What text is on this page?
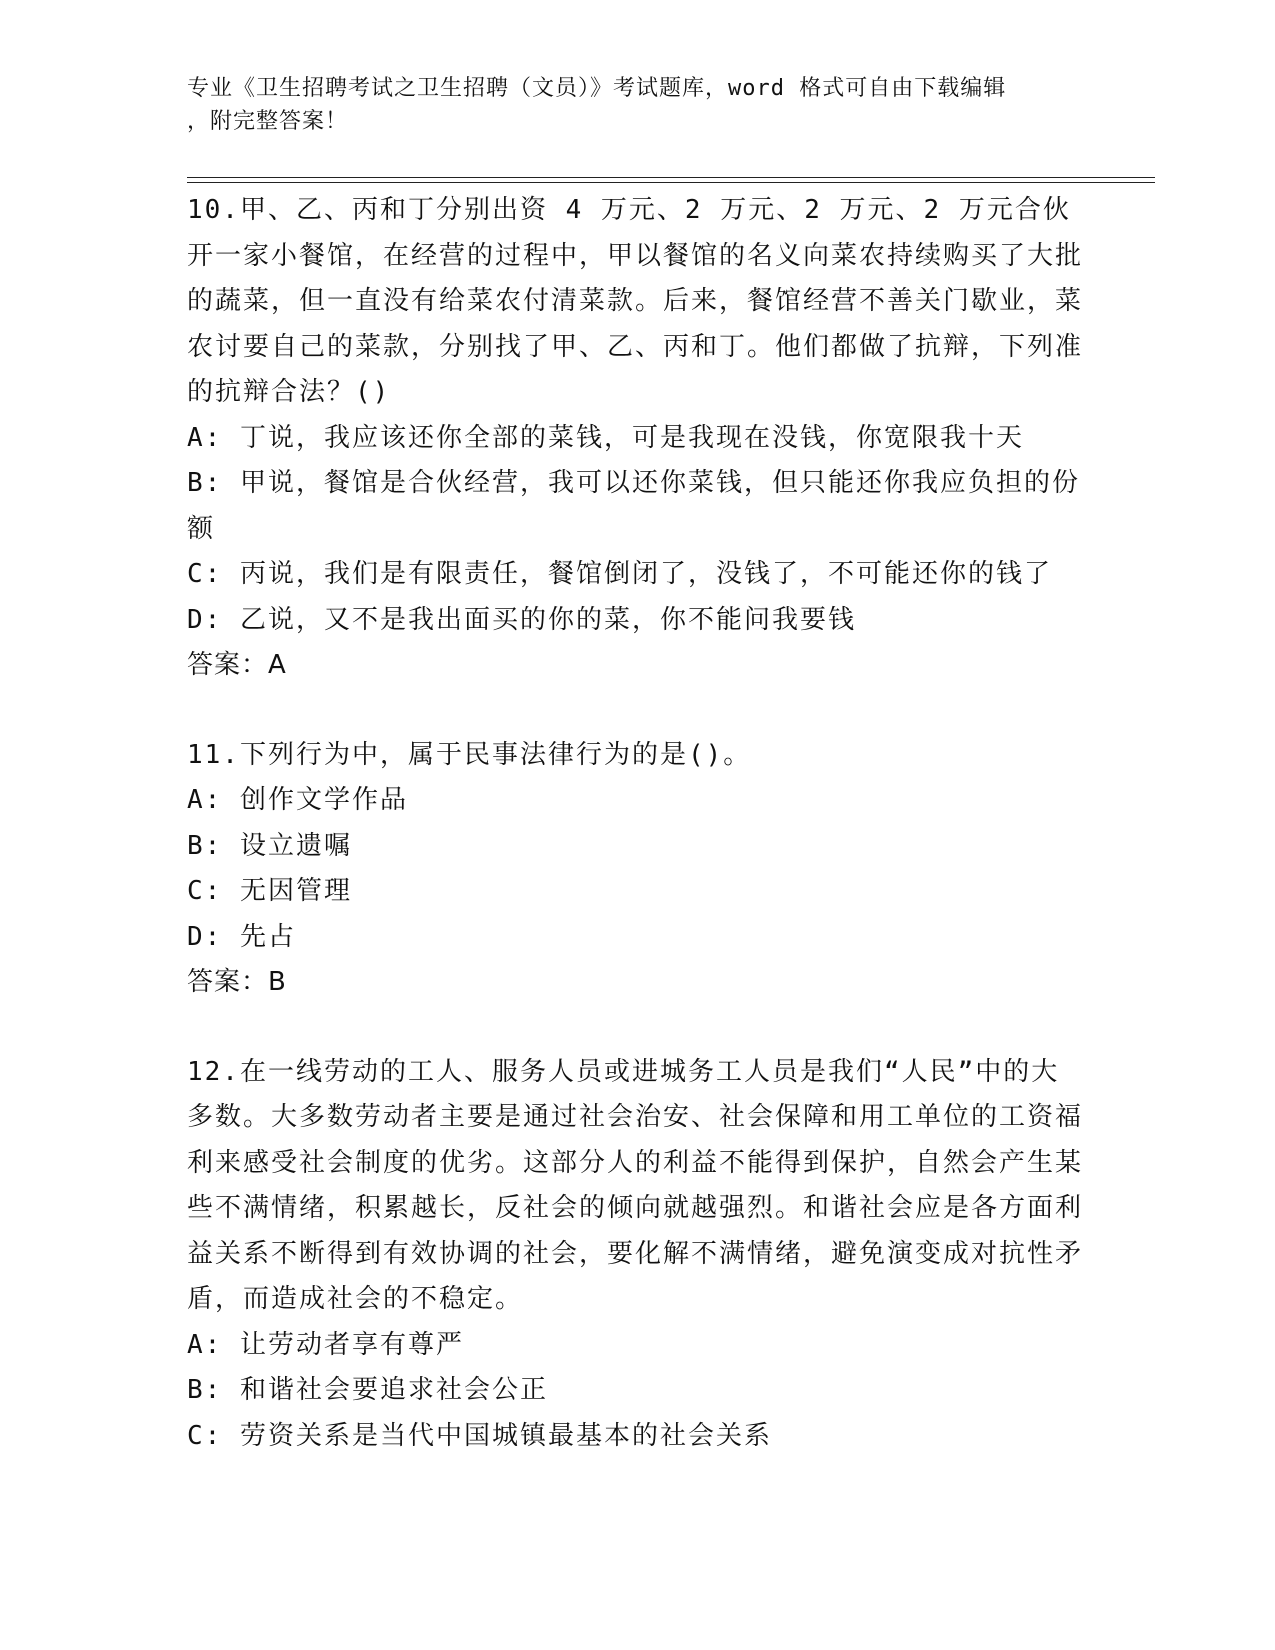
专业《卫生招聘考试之卫生招聘（文员）》考试题库，word 格式可自由下载编辑
，附完整答案！

10.甲、乙、丙和丁分别出资 4 万元、2 万元、2 万元、2 万元合伙开一家小餐馆，在经营的过程中，甲以餐馆的名义向菜农持续购买了大批的蔬菜，但一直没有给菜农付清菜款。后来，餐馆经营不善关门歇业，菜农讨要自己的菜款，分别找了甲、乙、丙和丁。他们都做了抗辩，下列准的抗辩合法？()

A: 丁说，我应该还你全部的菜钱，可是我现在没钱，你宽限我十天

B: 甲说，餐馆是合伙经营，我可以还你菜钱，但只能还你我应负担的份额

C: 丙说，我们是有限责任，餐馆倒闭了，没钱了，不可能还你的钱了

D: 乙说，又不是我出面买的你的菜，你不能问我要钱

答案：A

11.下列行为中，属于民事法律行为的是()。

A: 创作文学作品

B: 设立遗嘱

C: 无因管理

D: 先占

答案：B

12.在一线劳动的工人、服务人员或进城务工人员是我们“人民”中的大多数。大多数劳动者主要是通过社会治安、社会保障和用工单位的工资福利来感受社会制度的优劣。这部分人的利益不能得到保护，自然会产生某些不满情绪，积累越长，反社会的倾向就越强烈。和谐社会应是各方面利益关系不断得到有效协调的社会，要化解不满情绪，避免演变成对抗性矛盾，而造成社会的不稳定。

A: 让劳动者享有尊严

B: 和谐社会要追求社会公正

C: 劳资关系是当代中国城镇最基本的社会关系
